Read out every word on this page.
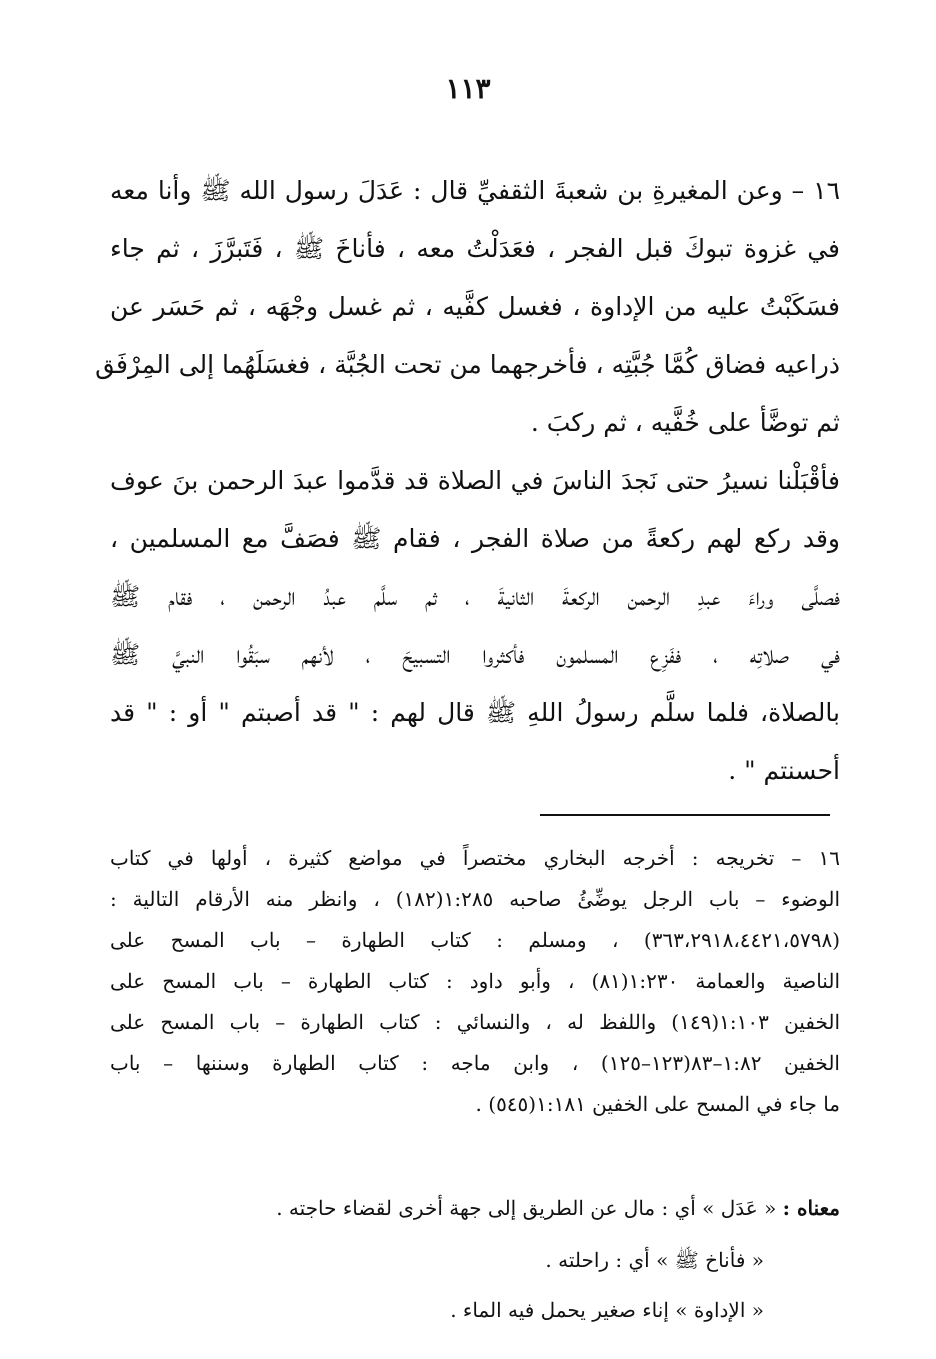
١١٣

١٦ – وعن المغيرةِ بن شعبةَ الثقفيِّ قال : عَدَلَ رسول الله ﷺ وأنا معه
في غزوة تبوكَ قبل الفجر ، فعَدَلْتُ معه ، فأناخَ ﷺ ، فَتَبرَّزَ ، ثم جاء
فسَكَبْتُ عليه من الإداوة ، فغسل كفَّيه ، ثم غسل وجْهَه ، ثم حَسَر عن
ذراعيه فضاق كُمَّا جُبَّتِه ، فأخرجهما من تحت الجُبَّة ، فغسَلَهُما إلى المِرْفَق
ثم توضَّأ على خُفَّيه ، ثم ركبَ .

فأقْبَلْنا نسيرُ حتى نَجدَ الناسَ في الصلاة قد قدَّموا عبدَ الرحمن بنَ عوف
وقد ركع لهم ركعةً من صلاة الفجر ، فقام ﷺ فصَفَّ مع المسلمين ،
فصلَّى وراءَ عبدِ الرحمن الركعةَ الثانيةَ ، ثم سلَّم عبدُ الرحمن ، فقام ﷺ
في صلاتِه ، ففَزِع المسلمون فأكثروا التسبيحَ ، لأنهم سبَقُوا النبيَّ ﷺ
بالصلاة، فلما سلَّم رسولُ اللهِ ﷺ قال لهم : " قد أصبتم " أو : " قد
أحسنتم " .

١٦ – تخريجه : أخرجه البخاري مختصراً في مواضع كثيرة ، أولها في كتاب
الوضوء – باب الرجل يوضِّئُ صاحبه ١:٢٨٥(١٨٢) ، وانظر منه الأرقام التالية :
(٣٦٣،٢٩١٨،٤٤٢١،٥٧٩٨) ، ومسلم : كتاب الطهارة – باب المسح على
الناصية والعمامة ١:٢٣٠(٨١) ، وأبو داود : كتاب الطهارة – باب المسح على
الخفين ١:١٠٣(١٤٩) واللفظ له ، والنسائي : كتاب الطهارة – باب المسح على
الخفين ١:٨٢–٨٣(١٢٣–١٢٥) ، وابن ماجه : كتاب الطهارة وسننها – باب
ما جاء في المسح على الخفين ١:١٨١(٥٤٥) .
معناه : « عَدَل » أي : مال عن الطريق إلى جهة أخرى لقضاء حاجته .
« فأناخ ﷺ » أي : راحلته .
« الإداوة » إناء صغير يحمل فيه الماء .
